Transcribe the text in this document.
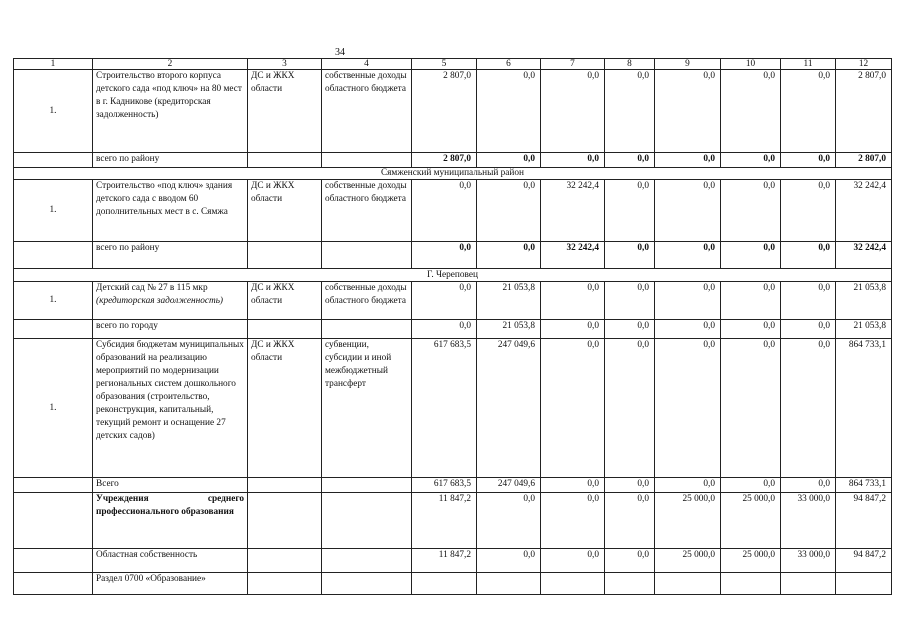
34
1	2	3	4	5	6	7	8	9	10	11	12
1.	Строительство второго корпуса детского сада «под ключ» на 80 мест в г. Кадникове (кредиторская задолженность)	ДС и ЖКХ области	собственные доходы областного бюджета	2 807,0	0,0	0,0	0,0	0,0	0,0	0,0	2 807,0
	всего по району			2 807,0	0,0	0,0	0,0	0,0	0,0	0,0	2 807,0
Сямженский муниципальный район											
1.	Строительство «под ключ» здания детского сада с вводом 60 дополнительных мест в с. Сямжа	ДС и ЖКХ области	собственные доходы областного бюджета	0,0	0,0	32 242,4	0,0	0,0	0,0	0,0	32 242,4
	всего по району			0,0	0,0	32 242,4	0,0	0,0	0,0	0,0	32 242,4
Г. Череповец											
1.	Детский сад № 27 в 115 мкр (кредиторская задолженность)	ДС и ЖКХ области	собственные доходы областного бюджета	0,0	21 053,8	0,0	0,0	0,0	0,0	0,0	21 053,8
	всего по городу			0,0	21 053,8	0,0	0,0	0,0	0,0	0,0	21 053,8
1.	Субсидия бюджетам муниципальных образований на реализацию мероприятий по модернизации региональных систем дошкольного образования (строительство, реконструкция, капитальный, текущий ремонт и оснащение 27 детских садов)	ДС и ЖКХ области	субвенции, субсидии и иной межбюджетный трансферт	617 683,5	247 049,6	0,0	0,0	0,0	0,0	0,0	864 733,1
	Всего			617 683,5	247 049,6	0,0	0,0	0,0	0,0	0,0	864 733,1
	Учреждения среднего профессионального образования			11 847,2	0,0	0,0	0,0	25 000,0	25 000,0	33 000,0	94 847,2
	Областная собственность			11 847,2	0,0	0,0	0,0	25 000,0	25 000,0	33 000,0	94 847,2
	Раздел 0700 «Образование»										
